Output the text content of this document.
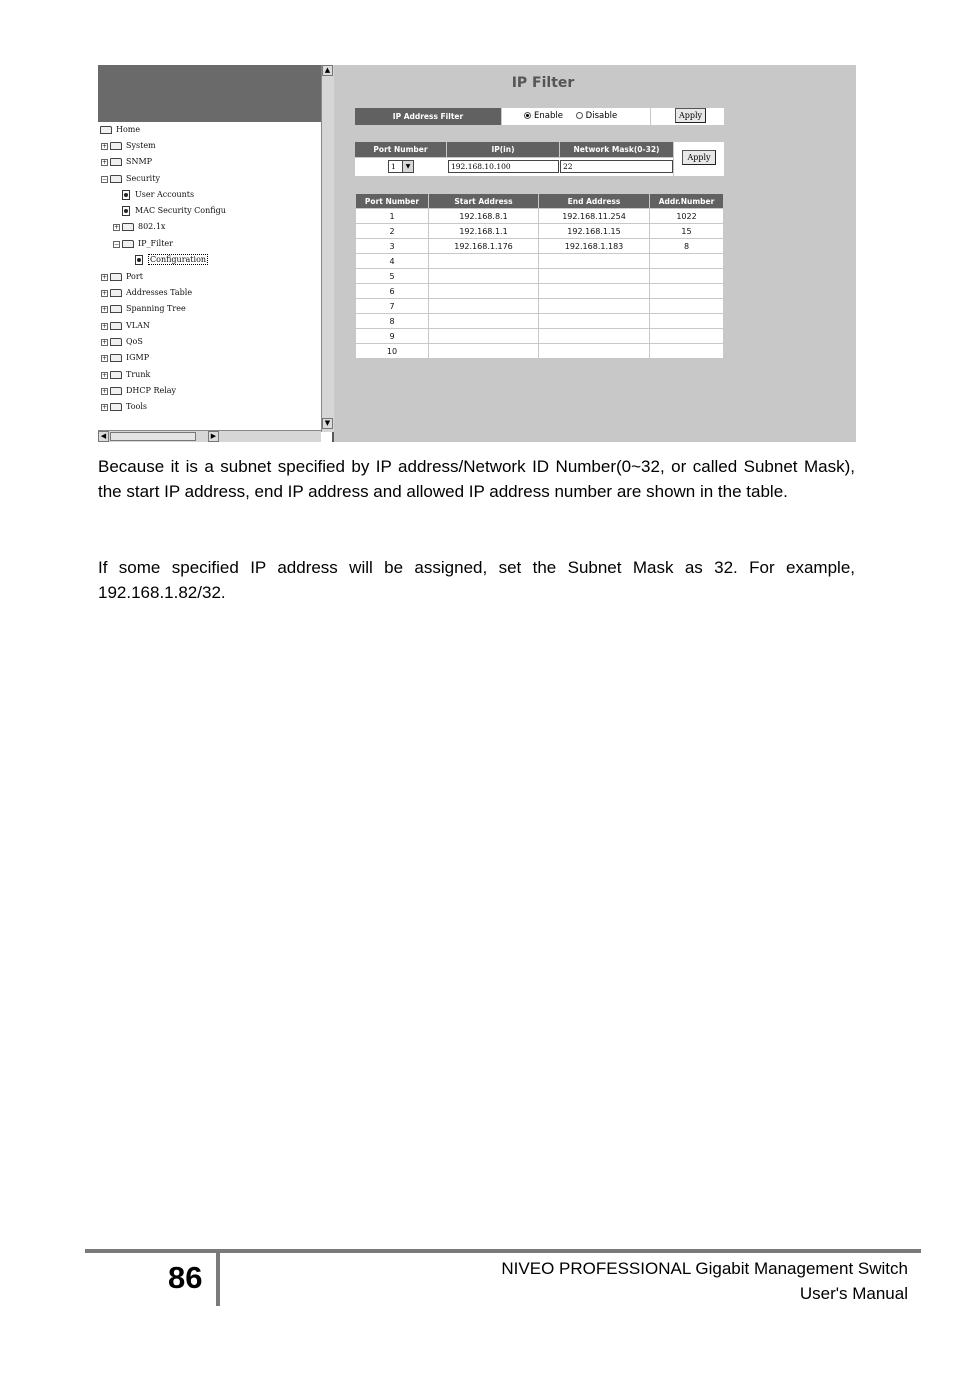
Home
+ System
+ SNMP
− Security
User Accounts
MAC Security Configu
+ 802.1x
− IP_Filter
Configuration
+ Port
+ Addresses Table
+ Spanning Tree
+ VLAN
+ QoS
+ IGMP
+ Trunk
+ DHCP Relay
+ Tools
▲
▼
◀	▶
IP Filter
IP Address Filter	Enable	Disable	Apply
Port Number	IP(in)	Network Mask(0-32)
1	▼	192.168.10.100	22
Apply
Port Number	Start Address	End Address	Addr.Number
1	192.168.8.1	192.168.11.254	1022
2	192.168.1.1	192.168.1.15	15
3	192.168.1.176	192.168.1.183	8
4			
5			
6			
7			
8			
9			
10			

Because it is a subnet specified by IP address/Network ID Number(0~32, or called Subnet Mask), the start IP address, end IP address and allowed IP address number are shown in the table.

If some specified IP address will be assigned, set the Subnet Mask as 32. For example, 192.168.1.82/32.

86	NIVEO PROFESSIONAL Gigabit Management Switch
User's Manual
